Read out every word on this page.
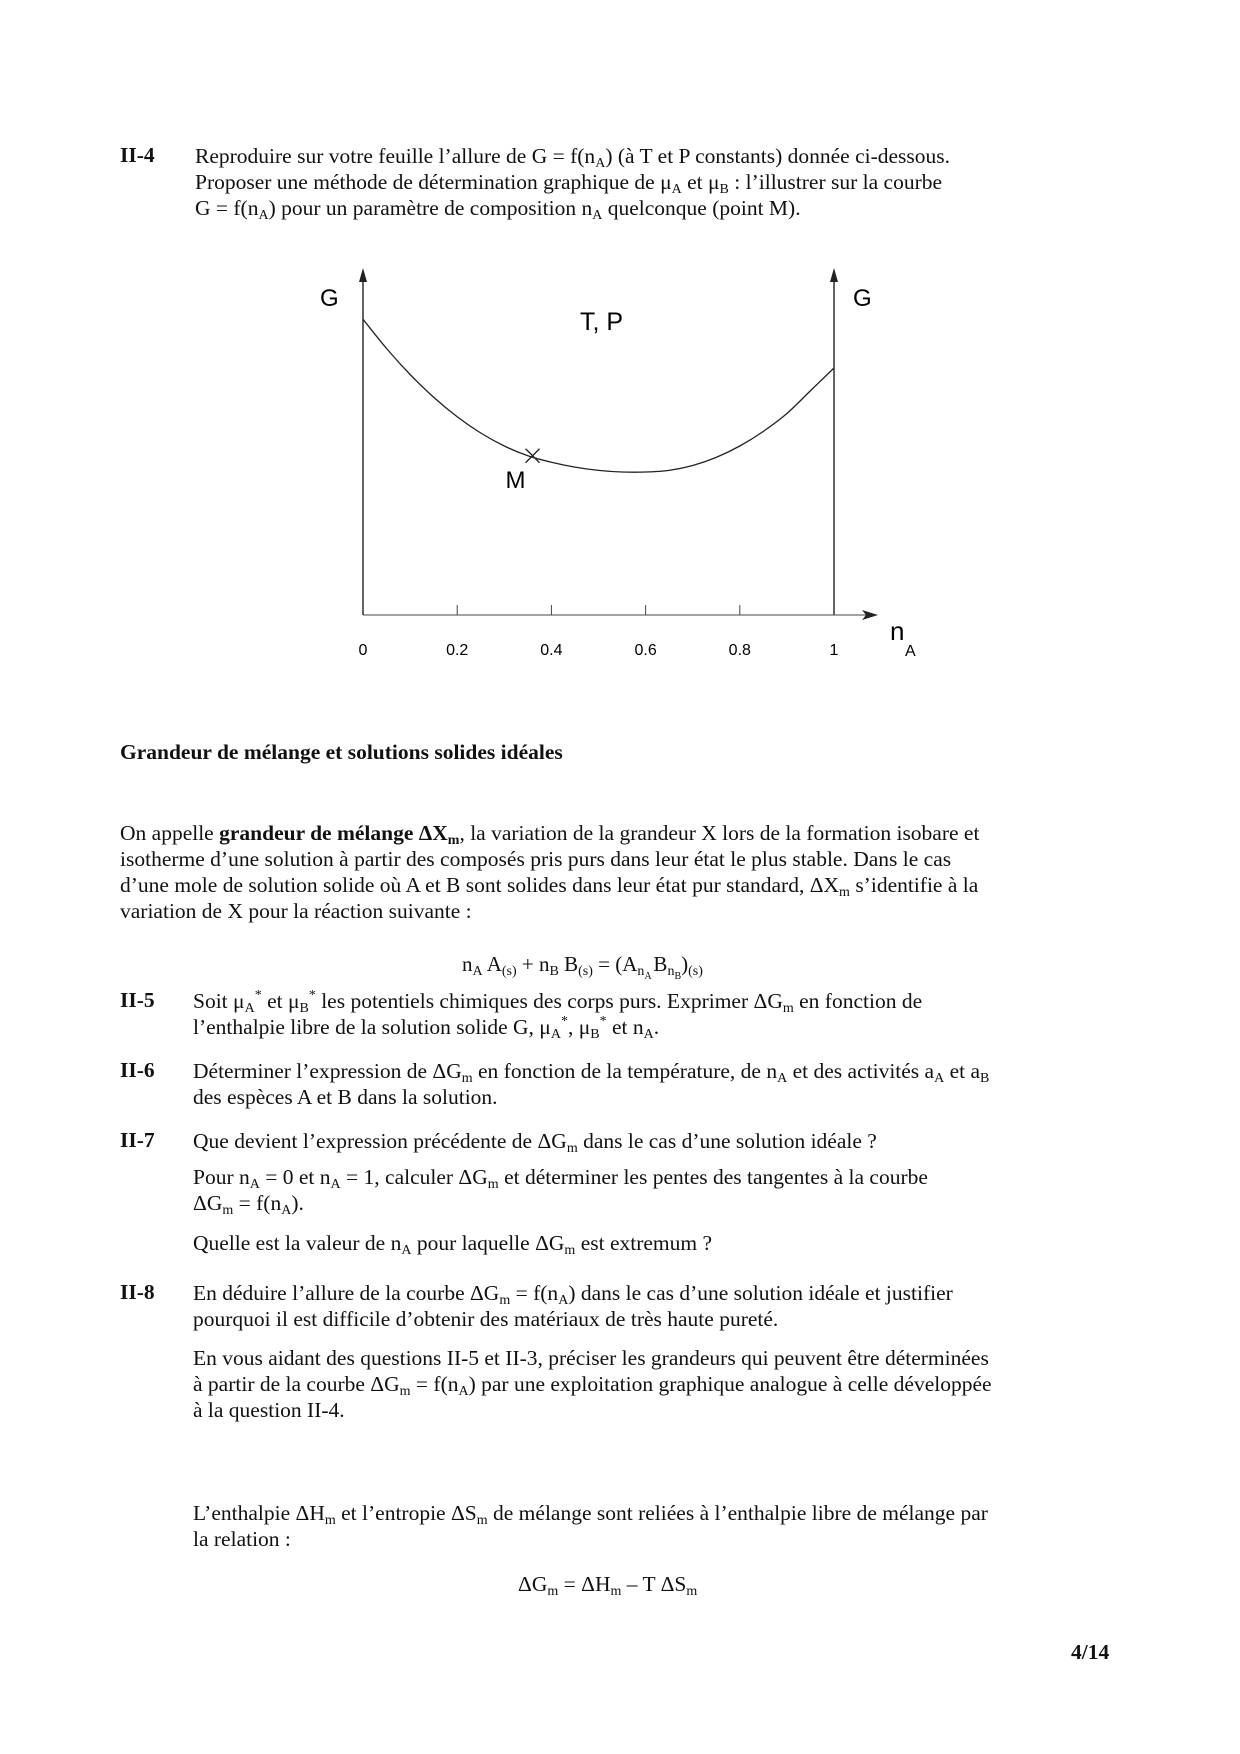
II-4 Reproduire sur votre feuille l’allure de $G = f(n_A)$ (à T et P constants) donnée ci-dessous.
Proposer une méthode de détermination graphique de $\mu_A$ et $\mu_B$ : l’illustrer sur la courbe
$G = f(n_A)$ pour un paramètre de composition $n_A$ quelconque (point M).
0	0.2	0.4	0.6	0.8	1
G	G
T, P
M
n
A
Grandeur de mélange et solutions solides idéales
On appelle grandeur de mélange $\Delta X_m$, la variation de la grandeur X lors de la formation isobare et
isotherme d’une solution à partir des composés pris purs dans leur état le plus stable. Dans le cas
d’une mole de solution solide où A et B sont solides dans leur état pur standard, $\Delta X_m$ s’identifie à la
variation de X pour la réaction suivante :
$n_A$ $A_{(s)} + n_B$ $B_{(s)} = (A_{n_A}$ $B_{n_B})_{(s)}$
II-5 Soit $\mu_A^*$ et $\mu_B^*$ les potentiels chimiques des corps purs. Exprimer $\Delta G_m$ en fonction de
l’enthalpie libre de la solution solide G, $\mu_A^*$, $\mu_B^*$ et $n_A$.
II-6 Déterminer l’expression de $\Delta G_m$ en fonction de la température, de $n_A$ et des activités $a_A$ et $a_B$
des espèces A et B dans la solution.
II-7 Que devient l’expression précédente de $\Delta G_m$ dans le cas d’une solution idéale ?
Pour $n_A = 0$ et $n_A = 1$, calculer $\Delta G_m$ et déterminer les pentes des tangentes à la courbe
$\Delta G_m = f(n_A)$.
Quelle est la valeur de $n_A$ pour laquelle $\Delta G_m$ est extremum ?
II-8 En déduire l’allure de la courbe $\Delta G_m = f(n_A)$ dans le cas d’une solution idéale et justifier
pourquoi il est difficile d’obtenir des matériaux de très haute pureté.
En vous aidant des questions II-5 et II-3, préciser les grandeurs qui peuvent être déterminées
à partir de la courbe $\Delta G_m = f(n_A)$ par une exploitation graphique analogue à celle développée
à la question II-4.
L’enthalpie $\Delta H_m$ et l’entropie $\Delta S_m$ de mélange sont reliées à l’enthalpie libre de mélange par
la relation :
$\Delta G_m = \Delta H_m - T$ $\Delta S_m$
4/14
